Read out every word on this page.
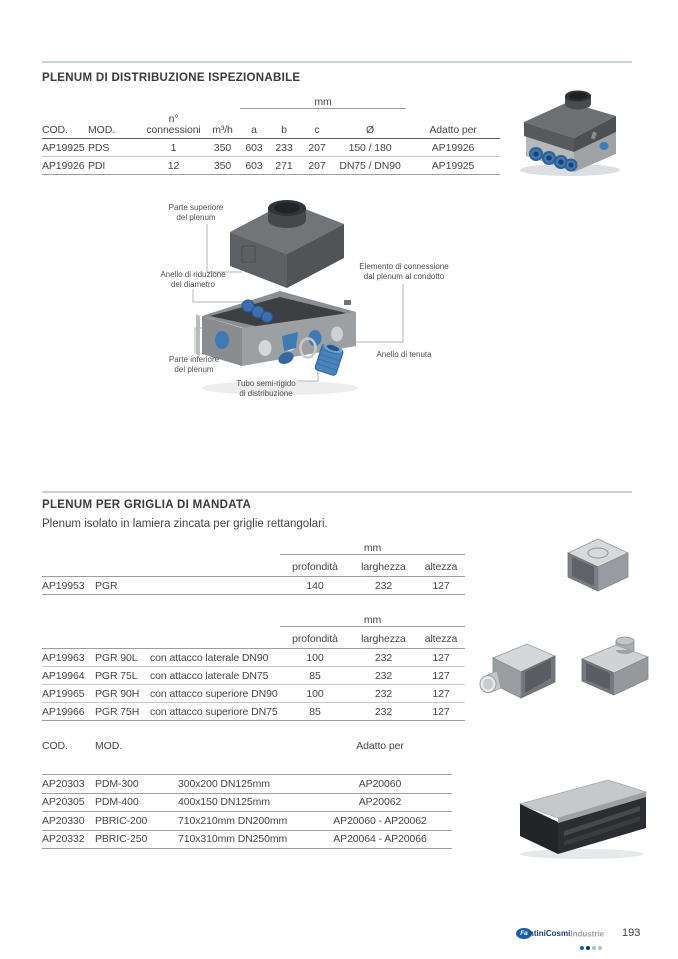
PLENUM DI DISTRIBUZIONE ISPEZIONABILE
				mm				
COD.	MOD.	n°
connessioni	m³/h	a	b	c	Ø	Adatto per
AP19925	PDS	1	350	603	233	207	150 / 180	AP19926
AP19926	PDI	12	350	603	271	207	DN75 / DN90	AP19925
Parte superiore
del plenum
Anello di riduzione
del diametro
Elemento di connessione
dal plenum al condotto
Parte inferiore
del plenum
Anello di tenuta
Tubo semi-rigido
di distribuzione
PLENUM PER GRIGLIA DI MANDATA
Plenum isolato in lamiera zincata per griglie rettangolari.
			mm		
			profondità	larghezza	altezza
AP19953	PGR		140	232	127
			mm		
			profondità	larghezza	altezza
AP19963	PGR 90L	con attacco laterale DN90	100	232	127
AP19964	PGR 75L	con attacco laterale DN75	85	232	127
AP19965	PGR 90H	con attacco superiore DN90	100	232	127
AP19966	PGR 75H	con attacco superiore DN75	85	232	127
COD.	MOD.		Adatto per
AP20303	PDM-300	300x200 DN125mm	AP20060
AP20305	PDM-400	400x150 DN125mm	AP20062
AP20330	PBRIC-200	710x210mm DN200mm	AP20060 - AP20062
AP20332	PBRIC-250	710x310mm DN250mm	AP20064 - AP20066
FantiniCosmiIndustrie 193
